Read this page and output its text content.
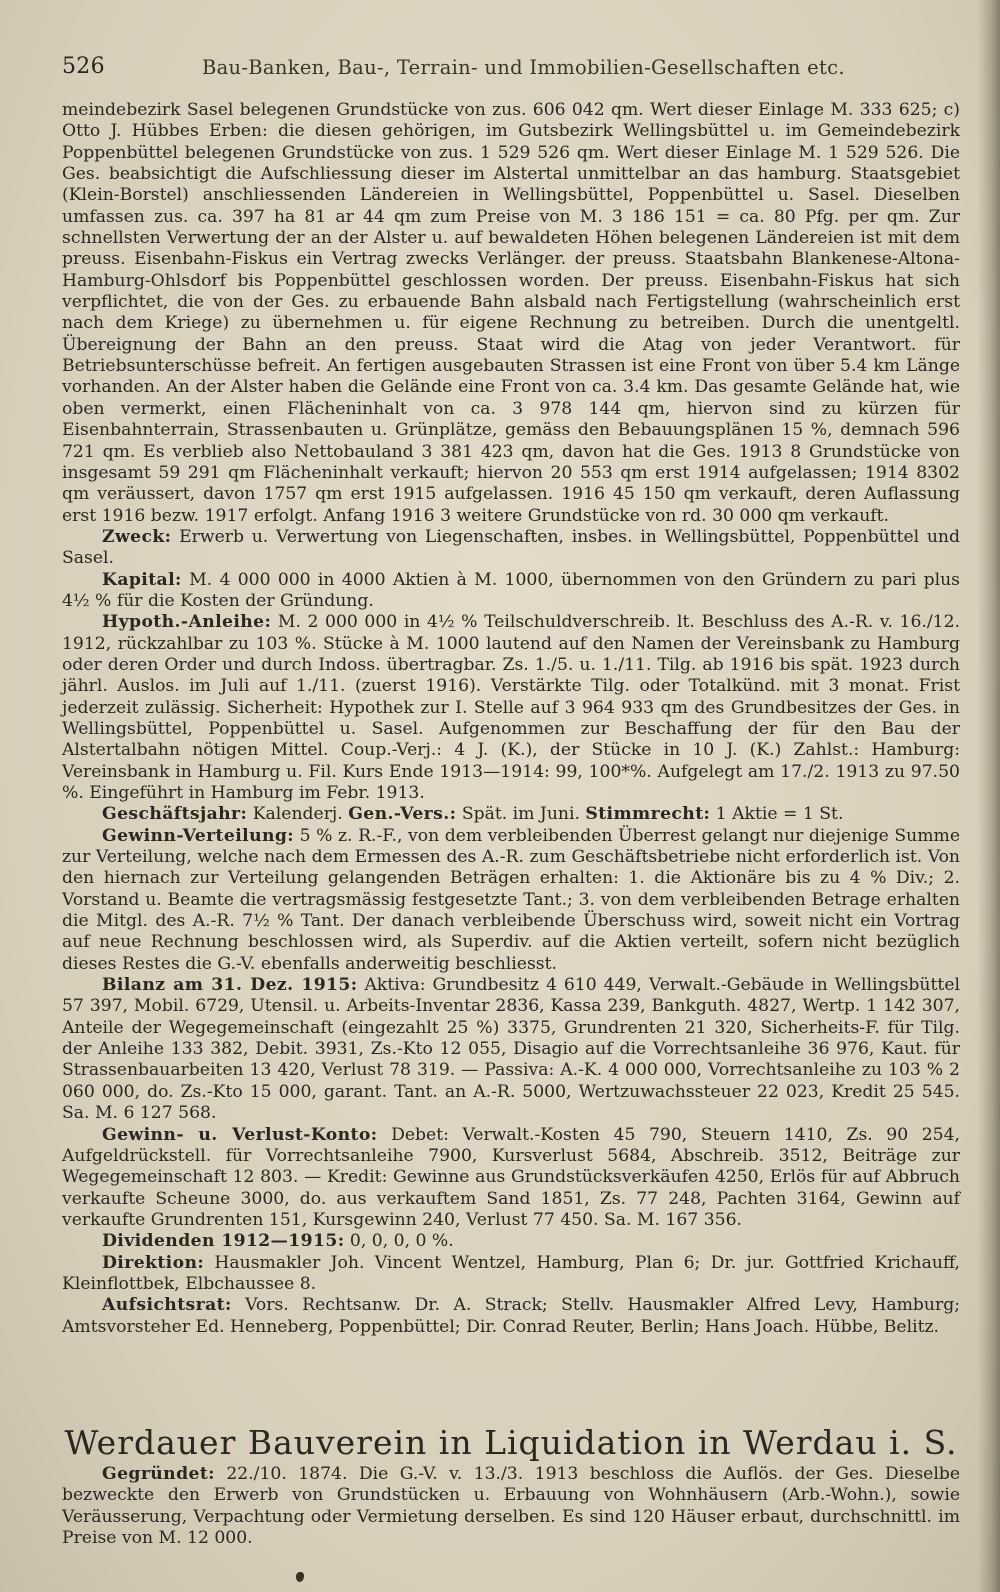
526	Bau-Banken, Bau-, Terrain- und Immobilien-Gesellschaften etc.

meindebezirk Sasel belegenen Grundstücke von zus. 606 042 qm. Wert dieser Einlage M. 333 625; c) Otto J. Hübbes Erben: die diesen gehörigen, im Gutsbezirk Wellingsbüttel u. im Gemeindebezirk Poppenbüttel belegenen Grundstücke von zus. 1 529 526 qm. Wert dieser Einlage M. 1 529 526. Die Ges. beabsichtigt die Aufschliessung dieser im Alstertal unmittelbar an das hamburg. Staatsgebiet (Klein-Borstel) anschliessenden Ländereien in Wellingsbüttel, Poppenbüttel u. Sasel. Dieselben umfassen zus. ca. 397 ha 81 ar 44 qm zum Preise von M. 3 186 151 = ca. 80 Pfg. per qm. Zur schnellsten Verwertung der an der Alster u. auf bewaldeten Höhen belegenen Ländereien ist mit dem preuss. Eisenbahn-Fiskus ein Vertrag zwecks Verlänger. der preuss. Staatsbahn Blankenese-Altona-Hamburg-Ohlsdorf bis Poppenbüttel geschlossen worden. Der preuss. Eisenbahn-Fiskus hat sich verpflichtet, die von der Ges. zu erbauende Bahn alsbald nach Fertigstellung (wahrscheinlich erst nach dem Kriege) zu übernehmen u. für eigene Rechnung zu betreiben. Durch die unentgeltl. Übereignung der Bahn an den preuss. Staat wird die Atag von jeder Verantwort. für Betriebsunterschüsse befreit. An fertigen ausgebauten Strassen ist eine Front von über 5.4 km Länge vorhanden. An der Alster haben die Gelände eine Front von ca. 3.4 km. Das gesamte Gelände hat, wie oben vermerkt, einen Flächeninhalt von ca. 3 978 144 qm, hiervon sind zu kürzen für Eisenbahnterrain, Strassenbauten u. Grünplätze, gemäss den Bebauungsplänen 15 %, demnach 596 721 qm. Es verblieb also Nettobauland 3 381 423 qm, davon hat die Ges. 1913 8 Grundstücke von insgesamt 59 291 qm Flächeninhalt verkauft; hiervon 20 553 qm erst 1914 aufgelassen; 1914 8302 qm veräussert, davon 1757 qm erst 1915 aufgelassen. 1916 45 150 qm verkauft, deren Auflassung erst 1916 bezw. 1917 erfolgt. Anfang 1916 3 weitere Grundstücke von rd. 30 000 qm verkauft.

Zweck: Erwerb u. Verwertung von Liegenschaften, insbes. in Wellingsbüttel, Poppenbüttel und Sasel.

Kapital: M. 4 000 000 in 4000 Aktien à M. 1000, übernommen von den Gründern zu pari plus 4½ % für die Kosten der Gründung.

Hypoth.-Anleihe: M. 2 000 000 in 4½ % Teilschuldverschreib. lt. Beschluss des A.-R. v. 16./12. 1912, rückzahlbar zu 103 %. Stücke à M. 1000 lautend auf den Namen der Vereinsbank zu Hamburg oder deren Order und durch Indoss. übertragbar. Zs. 1./5. u. 1./11. Tilg. ab 1916 bis spät. 1923 durch jährl. Auslos. im Juli auf 1./11. (zuerst 1916). Verstärkte Tilg. oder Totalkünd. mit 3 monat. Frist jederzeit zulässig. Sicherheit: Hypothek zur I. Stelle auf 3 964 933 qm des Grundbesitzes der Ges. in Wellingsbüttel, Poppenbüttel u. Sasel. Aufgenommen zur Beschaffung der für den Bau der Alstertalbahn nötigen Mittel. Coup.-Verj.: 4 J. (K.), der Stücke in 10 J. (K.) Zahlst.: Hamburg: Vereinsbank in Hamburg u. Fil. Kurs Ende 1913—1914: 99, 100*%. Aufgelegt am 17./2. 1913 zu 97.50 %. Eingeführt in Hamburg im Febr. 1913.

Geschäftsjahr: Kalenderj. Gen.-Vers.: Spät. im Juni. Stimmrecht: 1 Aktie = 1 St.

Gewinn-Verteilung: 5 % z. R.-F., von dem verbleibenden Überrest gelangt nur diejenige Summe zur Verteilung, welche nach dem Ermessen des A.-R. zum Geschäftsbetriebe nicht erforderlich ist. Von den hiernach zur Verteilung gelangenden Beträgen erhalten: 1. die Aktionäre bis zu 4 % Div.; 2. Vorstand u. Beamte die vertragsmässig festgesetzte Tant.; 3. von dem verbleibenden Betrage erhalten die Mitgl. des A.-R. 7½ % Tant. Der danach verbleibende Überschuss wird, soweit nicht ein Vortrag auf neue Rechnung beschlossen wird, als Superdiv. auf die Aktien verteilt, sofern nicht bezüglich dieses Restes die G.-V. ebenfalls anderweitig beschliesst.

Bilanz am 31. Dez. 1915: Aktiva: Grundbesitz 4 610 449, Verwalt.-Gebäude in Wellingsbüttel 57 397, Mobil. 6729, Utensil. u. Arbeits-Inventar 2836, Kassa 239, Bankguth. 4827, Wertp. 1 142 307, Anteile der Wegegemeinschaft (eingezahlt 25 %) 3375, Grundrenten 21 320, Sicherheits-F. für Tilg. der Anleihe 133 382, Debit. 3931, Zs.-Kto 12 055, Disagio auf die Vorrechtsanleihe 36 976, Kaut. für Strassenbauarbeiten 13 420, Verlust 78 319. — Passiva: A.-K. 4 000 000, Vorrechtsanleihe zu 103 % 2 060 000, do. Zs.-Kto 15 000, garant. Tant. an A.-R. 5000, Wertzuwachssteuer 22 023, Kredit 25 545. Sa. M. 6 127 568.

Gewinn- u. Verlust-Konto: Debet: Verwalt.-Kosten 45 790, Steuern 1410, Zs. 90 254, Aufgeldrückstell. für Vorrechtsanleihe 7900, Kursverlust 5684, Abschreib. 3512, Beiträge zur Wegegemeinschaft 12 803. — Kredit: Gewinne aus Grundstücksverkäufen 4250, Erlös für auf Abbruch verkaufte Scheune 3000, do. aus verkauftem Sand 1851, Zs. 77 248, Pachten 3164, Gewinn auf verkaufte Grundrenten 151, Kursgewinn 240, Verlust 77 450. Sa. M. 167 356.

Dividenden 1912—1915: 0, 0, 0, 0 %.

Direktion: Hausmakler Joh. Vincent Wentzel, Hamburg, Plan 6; Dr. jur. Gottfried Krichauff, Kleinflottbek, Elbchaussee 8.

Aufsichtsrat: Vors. Rechtsanw. Dr. A. Strack; Stellv. Hausmakler Alfred Levy, Hamburg; Amtsvorsteher Ed. Henneberg, Poppenbüttel; Dir. Conrad Reuter, Berlin; Hans Joach. Hübbe, Belitz.

Werdauer Bauverein in Liquidation in Werdau i. S.

Gegründet: 22./10. 1874. Die G.-V. v. 13./3. 1913 beschloss die Auflös. der Ges. Dieselbe bezweckte den Erwerb von Grundstücken u. Erbauung von Wohnhäusern (Arb.-Wohn.), sowie Veräusserung, Verpachtung oder Vermietung derselben. Es sind 120 Häuser erbaut, durchschnittl. im Preise von M. 12 000.
